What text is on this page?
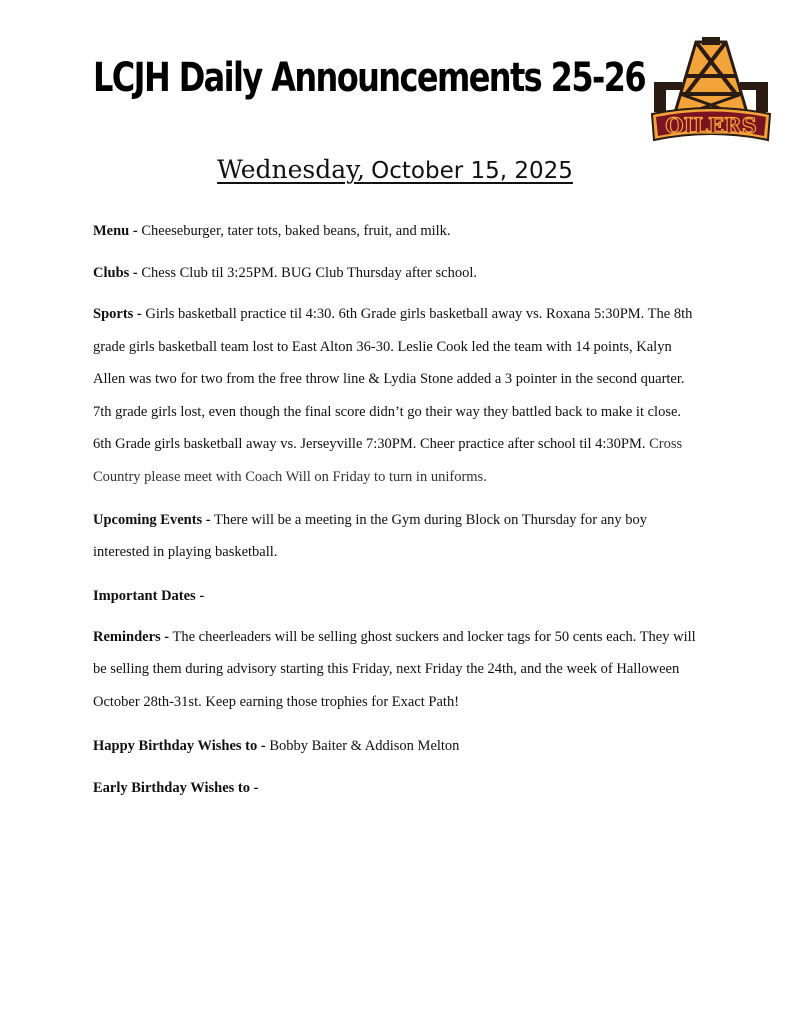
LCJH Daily Announcements 25-26
OILERS
Wednesday, October 15, 2025

Menu - Cheeseburger, tater tots, baked beans, fruit, and milk.

Clubs - Chess Club til 3:25PM. BUG Club Thursday after school.

Sports - Girls basketball practice til 4:30. 6th Grade girls basketball away vs. Roxana 5:30PM. The 8th grade girls basketball team lost to East Alton 36-30. Leslie Cook led the team with 14 points, Kalyn Allen was two for two from the free throw line & Lydia Stone added a 3 pointer in the second quarter. 7th grade girls lost, even though the final score didn’t go their way they battled back to make it close. 6th Grade girls basketball away vs. Jerseyville 7:30PM. Cheer practice after school til 4:30PM. Cross Country please meet with Coach Will on Friday to turn in uniforms.

Upcoming Events - There will be a meeting in the Gym during Block on Thursday for any boy interested in playing basketball.

Important Dates -

Reminders - The cheerleaders will be selling ghost suckers and locker tags for 50 cents each. They will be selling them during advisory starting this Friday, next Friday the 24th, and the week of Halloween October 28th-31st. Keep earning those trophies for Exact Path!

Happy Birthday Wishes to - Bobby Baiter & Addison Melton

Early Birthday Wishes to -
